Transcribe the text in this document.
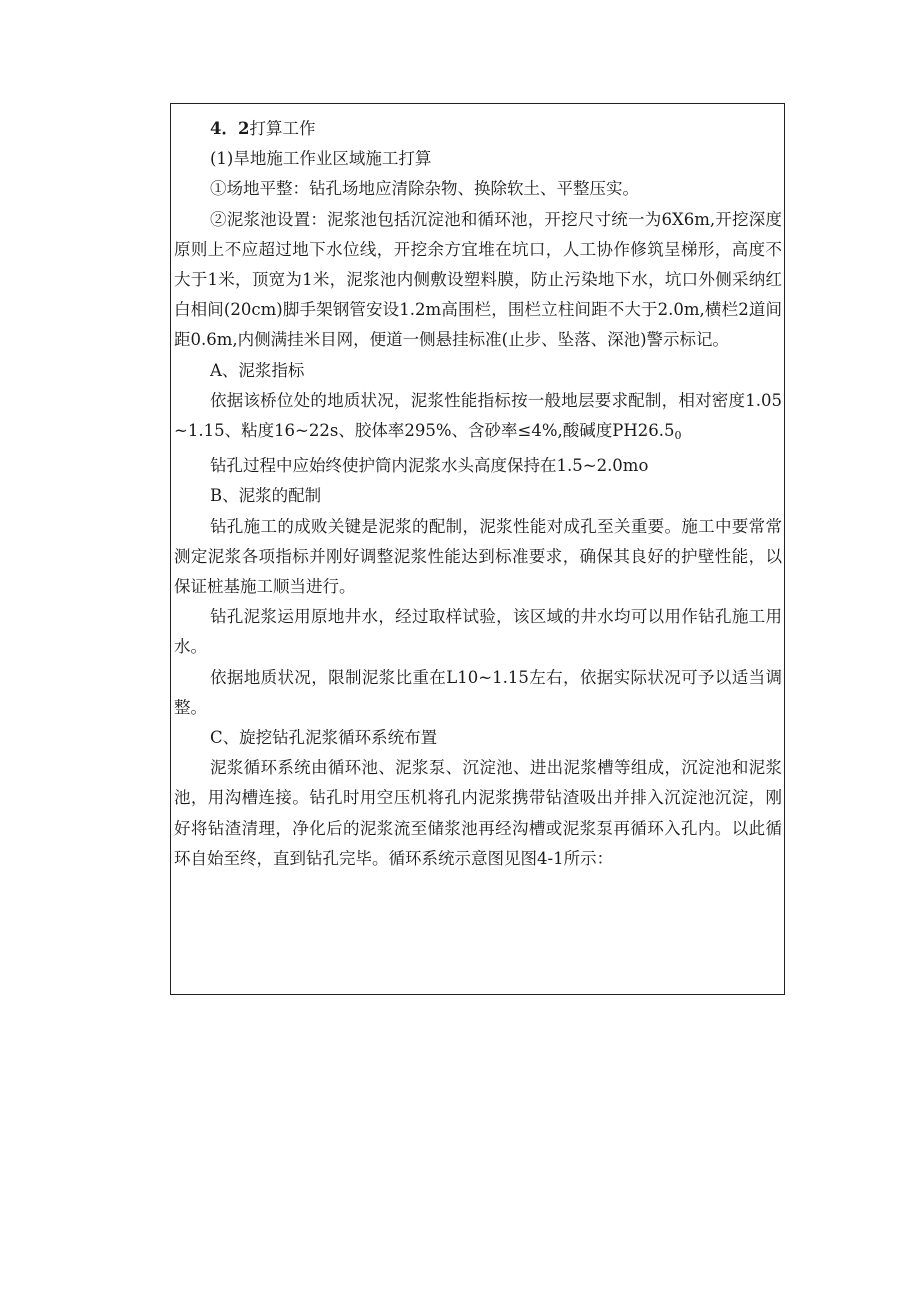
4．2打算工作

(1)旱地施工作业区域施工打算

①场地平整：钻孔场地应清除杂物、换除软土、平整压实。

②泥浆池设置：泥浆池包括沉淀池和循环池，开挖尺寸统一为6X6m,开挖深度原则上不应超过地下水位线，开挖余方宜堆在坑口，人工协作修筑呈梯形，高度不大于1米，顶宽为1米，泥浆池内侧敷设塑料膜，防止污染地下水，坑口外侧采纳红白相间(20cm)脚手架钢管安设1.2m高围栏，围栏立柱间距不大于2.0m,横栏2道间距0.6m,内侧满挂米目网，便道一侧悬挂标准(止步、坠落、深池)警示标记。

A、泥浆指标

依据该桥位处的地质状况，泥浆性能指标按一般地层要求配制，相对密度1.05~1.15、粘度16~22s、胶体率295%、含砂率≤4%,酸碱度$PH26.5_0$

钻孔过程中应始终使护筒内泥浆水头高度保持在1.5~2.0mo

B、泥浆的配制

钻孔施工的成败关键是泥浆的配制，泥浆性能对成孔至关重要。施工中要常常测定泥浆各项指标并刚好调整泥浆性能达到标准要求，确保其良好的护壁性能，以保证桩基施工顺当进行。

钻孔泥浆运用原地井水，经过取样试验，该区域的井水均可以用作钻孔施工用水。

依据地质状况，限制泥浆比重在L10~1.15左右，依据实际状况可予以适当调整。

C、旋挖钻孔泥浆循环系统布置

泥浆循环系统由循环池、泥浆泵、沉淀池、进出泥浆槽等组成，沉淀池和泥浆池，用沟槽连接。钻孔时用空压机将孔内泥浆携带钻渣吸出并排入沉淀池沉淀，刚好将钻渣清理，净化后的泥浆流至储浆池再经沟槽或泥浆泵再循环入孔内。以此循环自始至终，直到钻孔完毕。循环系统示意图见图4-1所示：
